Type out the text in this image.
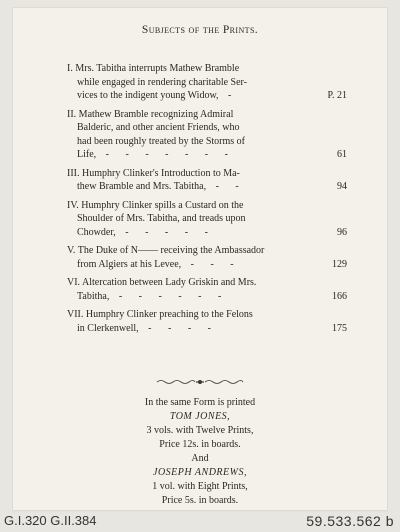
Subjects of the Prints.
I. Mrs. Tabitha interrupts Mathew Bramble
while engaged in rendering charitable Ser-
vices to the indigent young Widow, -	P. 21
II. Mathew Bramble recognizing Admiral
Balderic, and other ancient Friends, who
had been roughly treated by the Storms of
Life, - - - - - - -	61
III. Humphry Clinker's Introduction to Ma-
thew Bramble and Mrs. Tabitha, - -	94
IV. Humphry Clinker spills a Custard on the
Shoulder of Mrs. Tabitha, and treads upon
Chowder, - - - - -	96
V. The Duke of N—— receiving the Ambassador
from Algiers at his Levee, - - -	129
VI. Altercation between Lady Griskin and Mrs.
Tabitha, - - - - - -	166
VII. Humphry Clinker preaching to the Felons
in Clerkenwell, - - - -	175
In the same Form is printed
TOM JONES,
3 vols. with Twelve Prints,
Price 12s. in boards.
And
JOSEPH ANDREWS,
1 vol. with Eight Prints,
Price 5s. in boards.
G.I.320 G.II.384	59.533.562 b
